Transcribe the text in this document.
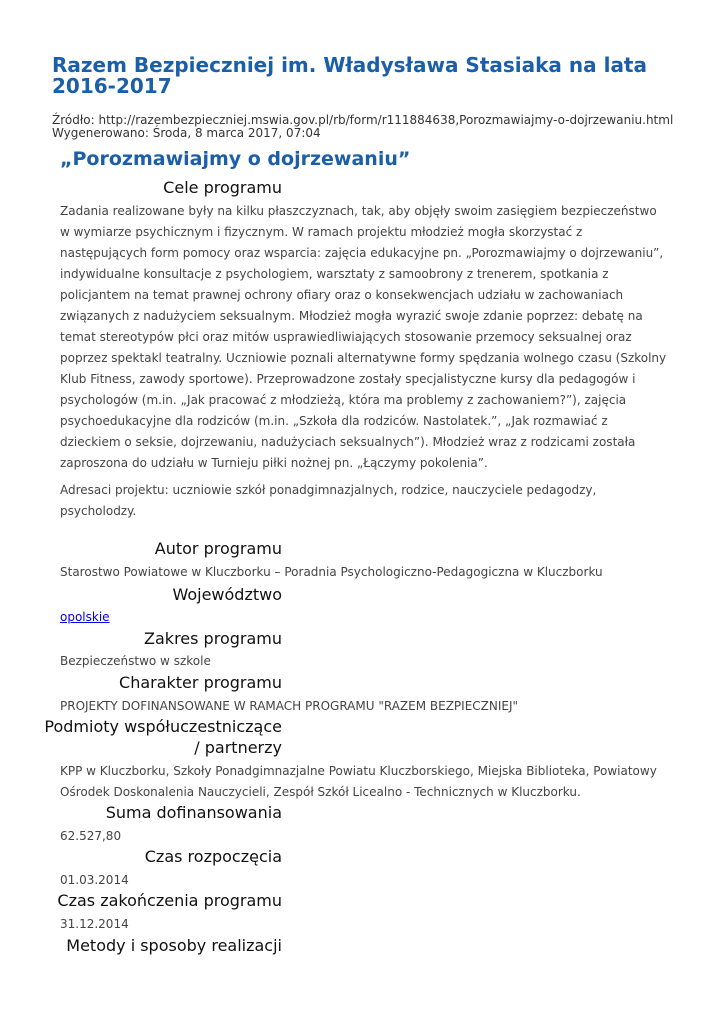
Razem Bezpieczniej im. Władysława Stasiaka na lata 2016-2017
Źródło: http://razembezpieczniej.mswia.gov.pl/rb/form/r111884638,Porozmawiajmy-o-dojrzewaniu.html
Wygenerowano: Środa, 8 marca 2017, 07:04
„Porozmawiajmy o dojrzewaniu”
Cele programu

Zadania realizowane były na kilku płaszczyznach, tak, aby objęły swoim zasięgiem bezpieczeństwo w wymiarze psychicznym i fizycznym. W ramach projektu młodzież mogła skorzystać z następujących form pomocy oraz wsparcia: zajęcia edukacyjne pn. „Porozmawiajmy o dojrzewaniu”, indywidualne konsultacje z psychologiem, warsztaty z samoobrony z trenerem, spotkania z policjantem na temat prawnej ochrony ofiary oraz o konsekwencjach udziału w zachowaniach związanych z nadużyciem seksualnym. Młodzież mogła wyrazić swoje zdanie poprzez: debatę na temat stereotypów płci oraz mitów usprawiedliwiających stosowanie przemocy seksualnej oraz poprzez spektakl teatralny. Uczniowie poznali alternatywne formy spędzania wolnego czasu (Szkolny Klub Fitness, zawody sportowe). Przeprowadzone zostały specjalistyczne kursy dla pedagogów i psychologów (m.in. „Jak pracować z młodzieżą, która ma problemy z zachowaniem?”), zajęcia psychoedukacyjne dla rodziców (m.in. „Szkoła dla rodziców. Nastolatek.”, „Jak rozmawiać z dzieckiem o seksie, dojrzewaniu, nadużyciach seksualnych”). Młodzież wraz z rodzicami została zaproszona do udziału w Turnieju piłki nożnej pn. „Łączymy pokolenia”.

Adresaci projektu: uczniowie szkół ponadgimnazjalnych, rodzice, nauczyciele pedagodzy, psycholodzy.

Autor programu

Starostwo Powiatowe w Kluczborku – Poradnia Psychologiczno-Pedagogiczna w Kluczborku

Województwo

opolskie

Zakres programu

Bezpieczeństwo w szkole

Charakter programu

PROJEKTY DOFINANSOWANE W RAMACH PROGRAMU "RAZEM BEZPIECZNIEJ"

Podmioty współuczestniczące
/ partnerzy

KPP w Kluczborku, Szkoły Ponadgimnazjalne Powiatu Kluczborskiego, Miejska Biblioteka, Powiatowy Ośrodek Doskonalenia Nauczycieli, Zespół Szkół Licealno - Technicznych w Kluczborku.

Suma dofinansowania

62.527,80

Czas rozpoczęcia

01.03.2014

Czas zakończenia programu

31.12.2014

Metody i sposoby realizacji
